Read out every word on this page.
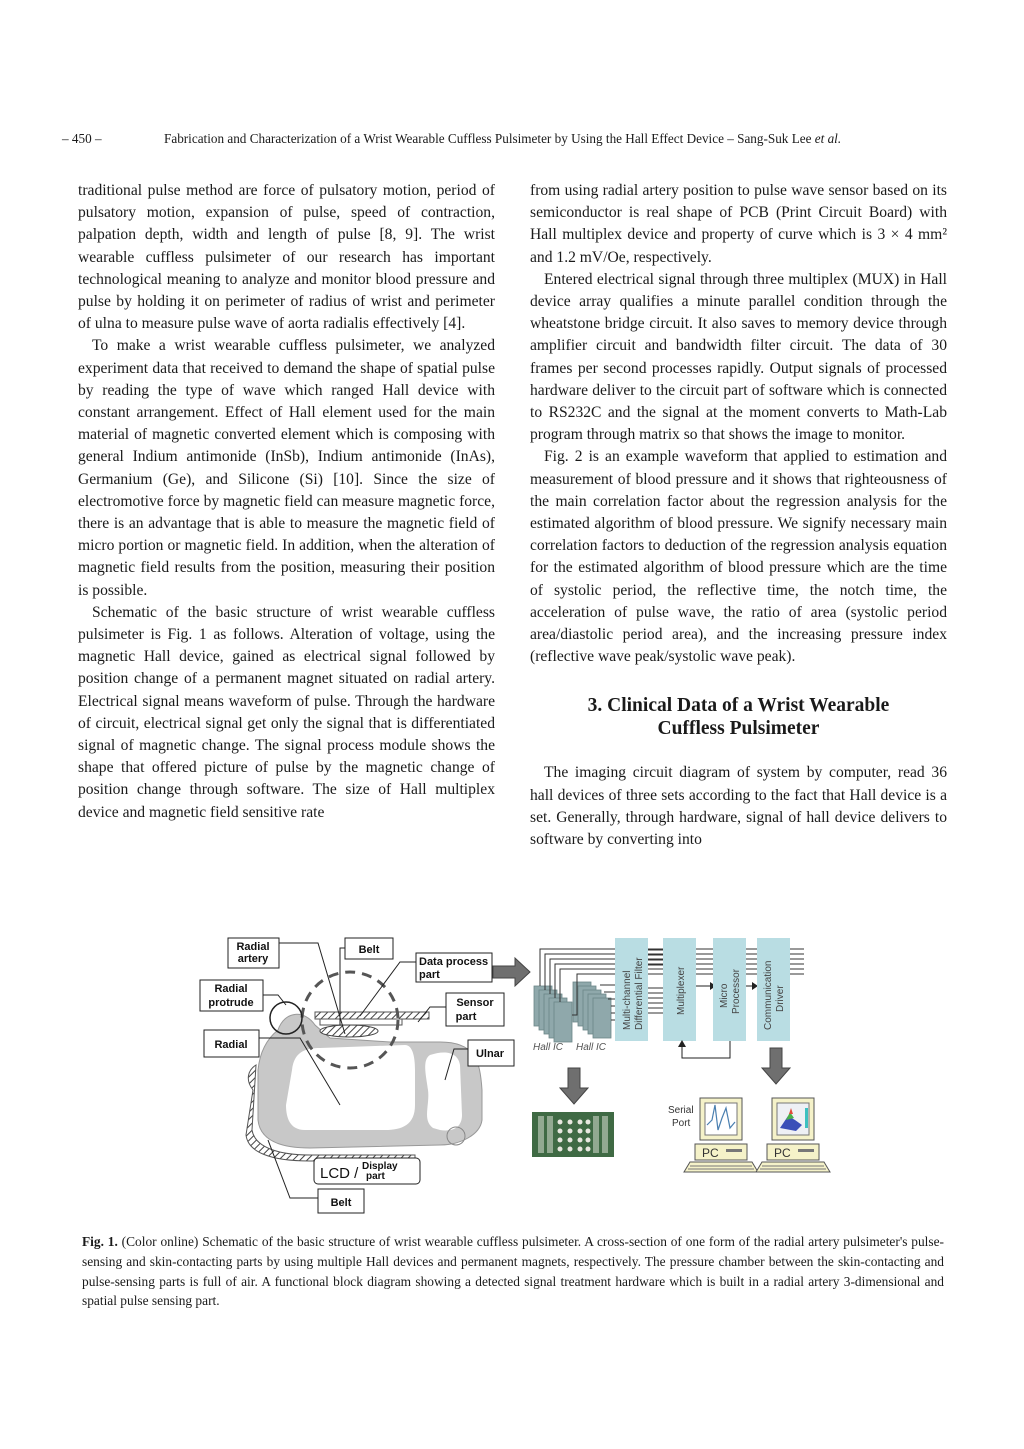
– 450 –	Fabrication and Characterization of a Wrist Wearable Cuffless Pulsimeter by Using the Hall Effect Device – Sang-Suk Lee et al.

traditional pulse method are force of pulsatory motion, period of pulsatory motion, expansion of pulse, speed of contraction, palpation depth, width and length of pulse [8, 9]. The wrist wearable cuffless pulsimeter of our research has important technological meaning to analyze and monitor blood pressure and pulse by holding it on perimeter of radius of wrist and perimeter of ulna to measure pulse wave of aorta radialis effectively [4].

To make a wrist wearable cuffless pulsimeter, we analyzed experiment data that received to demand the shape of spatial pulse by reading the type of wave which ranged Hall device with constant arrangement. Effect of Hall element used for the main material of magnetic converted element which is composing with general Indium antimonide (InSb), Indium antimonide (InAs), Germanium (Ge), and Silicone (Si) [10]. Since the size of electromotive force by magnetic field can measure magnetic force, there is an advantage that is able to measure the magnetic field of micro portion or magnetic field. In addition, when the alteration of magnetic field results from the position, measuring their position is possible.

Schematic of the basic structure of wrist wearable cuffless pulsimeter is Fig. 1 as follows. Alteration of voltage, using the magnetic Hall device, gained as electrical signal followed by position change of a permanent magnet situated on radial artery. Electrical signal means waveform of pulse. Through the hardware of circuit, electrical signal get only the signal that is differentiated signal of magnetic change. The signal process module shows the shape that offered picture of pulse by the magnetic change of position change through software. The size of Hall multiplex device and magnetic field sensitive rate

from using radial artery position to pulse wave sensor based on its semiconductor is real shape of PCB (Print Circuit Board) with Hall multiplex device and property of curve which is 3 × 4 mm² and 1.2 mV/Oe, respectively.

Entered electrical signal through three multiplex (MUX) in Hall device array qualifies a minute parallel condition through the wheatstone bridge circuit. It also saves to memory device through amplifier circuit and bandwidth filter circuit. The data of 30 frames per second processes rapidly. Output signals of processed hardware deliver to the circuit part of software which is connected to RS232C and the signal at the moment converts to Math-Lab program through matrix so that shows the image to monitor.

Fig. 2 is an example waveform that applied to estimation and measurement of blood pressure and it shows that righteousness of the main correlation factor about the regression analysis for the estimated algorithm of blood pressure. We signify necessary main correlation factors to deduction of the regression analysis equation for the estimated algorithm of blood pressure which are the time of systolic period, the reflective time, the notch time, the acceleration of pulse wave, the ratio of area (systolic period area/diastolic period area), and the increasing pressure index (reflective wave peak/systolic wave peak).

3. Clinical Data of a Wrist Wearable
Cuffless Pulsimeter

The imaging circuit diagram of system by computer, read 36 hall devices of three sets according to the fact that Hall device is a set. Generally, through hardware, signal of hall device delivers to software by converting into

Radial
artery
Belt
Data process
part
Radial
protrude	Sensor
part
Radial
Ulnar
LCD / Display
part
Belt
Hall IC Hall IC
Multi-channel Differential Filter	Multiplexer	Micro Processor Communication Driver
Serial
Port
PC	PC
Fig. 1. (Color online) Schematic of the basic structure of wrist wearable cuffless pulsimeter. A cross-section of one form of the radial artery pulsimeter's pulse-sensing and skin-contacting parts by using multiple Hall devices and permanent magnets, respectively. The pressure chamber between the skin-contacting and pulse-sensing parts is full of air. A functional block diagram showing a detected signal treatment hardware which is built in a radial artery 3-dimensional and spatial pulse sensing part.
